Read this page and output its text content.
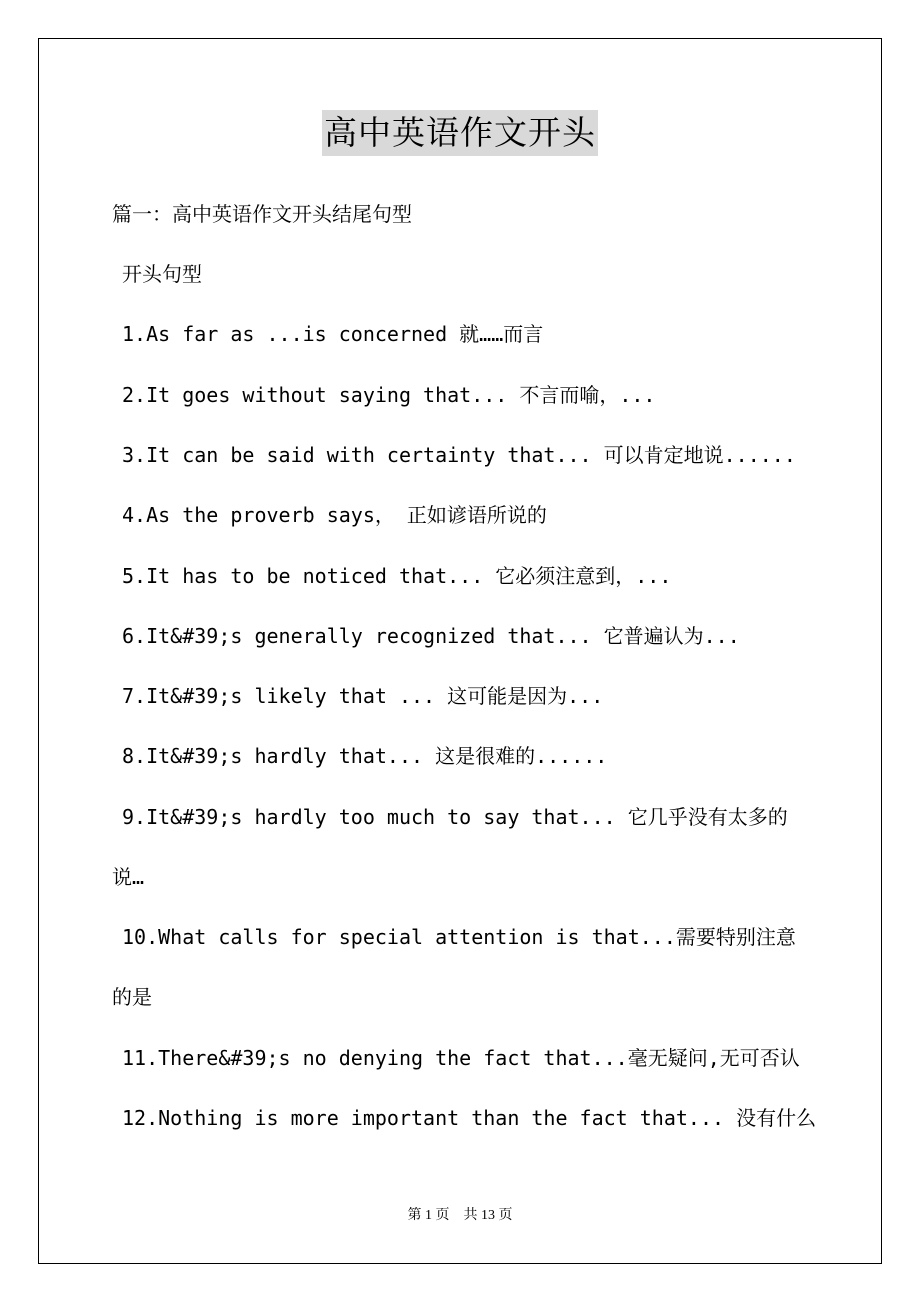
高中英语作文开头
篇一：高中英语作文开头结尾句型
开头句型
1.As far as ...is concerned 就……而言
2.It goes without saying that... 不言而喻，...
3.It can be said with certainty that... 可以肯定地说......
4.As the proverb says， 正如谚语所说的
5.It has to be noticed that... 它必须注意到，...
6.It&#39;s generally recognized that... 它普遍认为...
7.It&#39;s likely that ... 这可能是因为...
8.It&#39;s hardly that... 这是很难的......
9.It&#39;s hardly too much to say that... 它几乎没有太多的
说…
10.What calls for special attention is that...需要特别注意
的是
11.There&#39;s no denying the fact that...毫无疑问,无可否认
12.Nothing is more important than the fact that... 没有什么
第 1 页 共 13 页
